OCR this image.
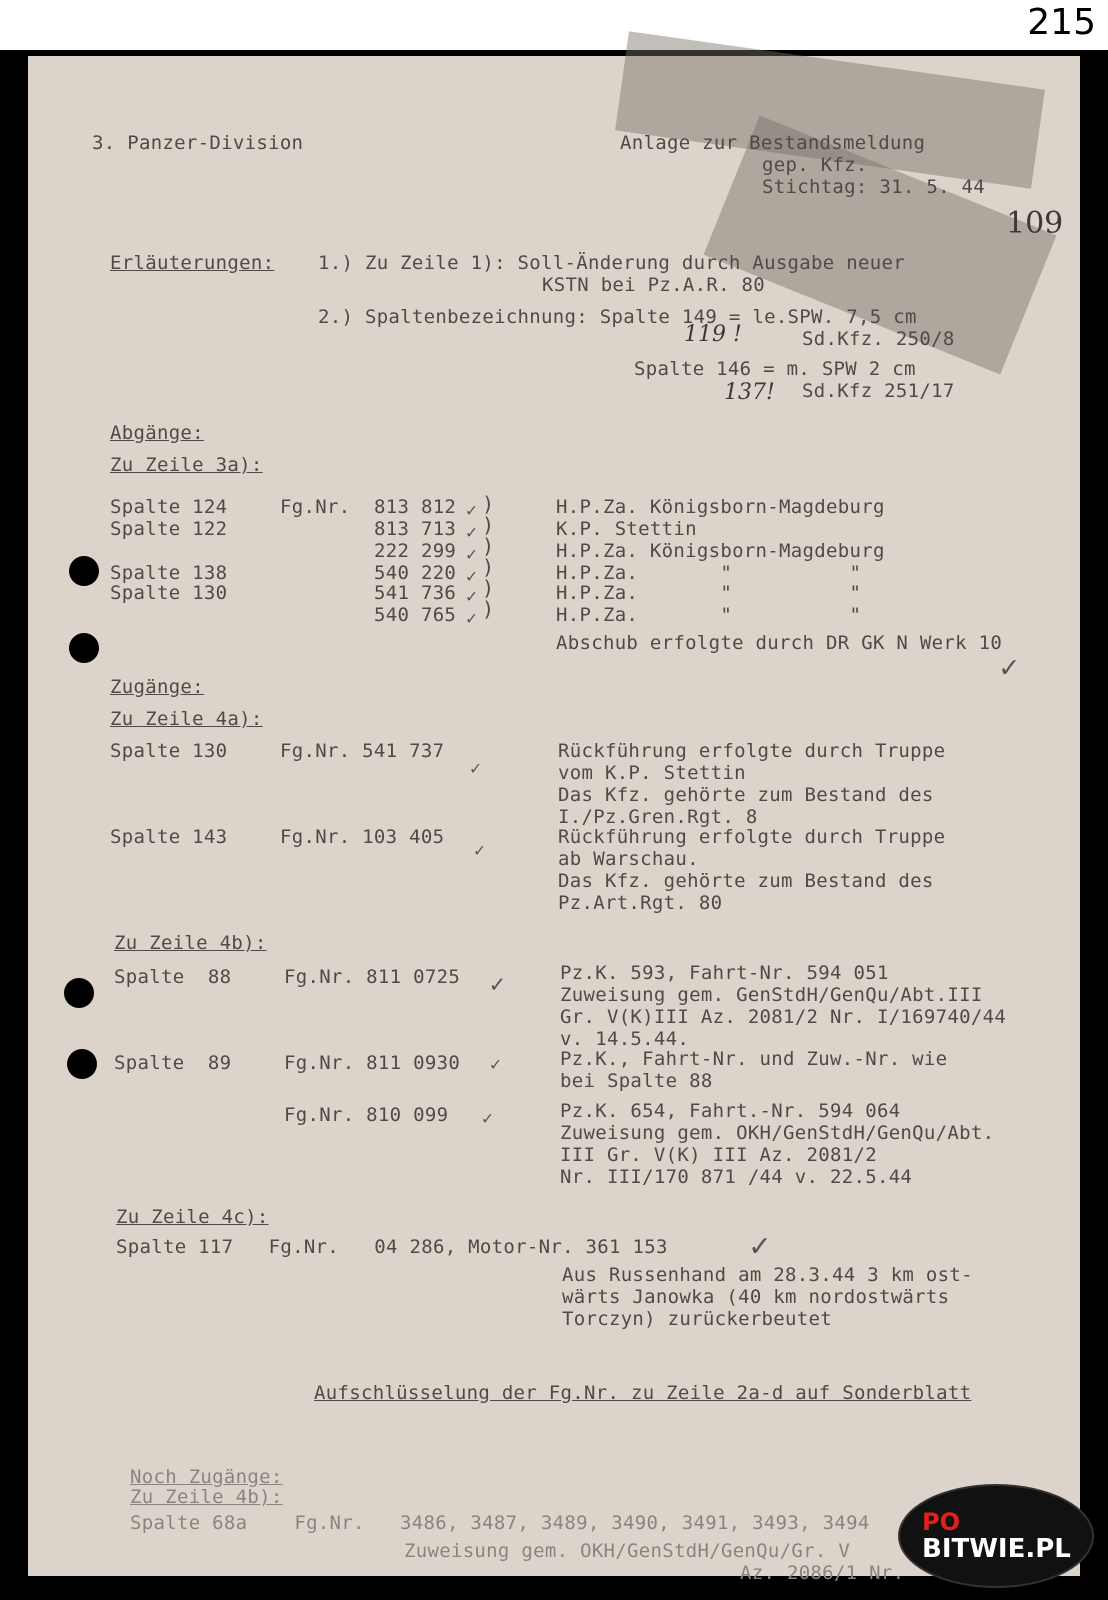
215
3. Panzer-Division	Anlage zur Bestandsmeldung
gep. Kfz.
Stichtag: 31. 5. 44
109
Erläuterungen: 1.) Zu Zeile 1): Soll-Änderung durch Ausgabe neuer
KSTN bei Pz.A.R. 80
2.) Spaltenbezeichnung: Spalte 149 = le.SPW. 7,5 cm
Sd.Kfz. 250/8
Spalte 146 = m. SPW 2 cm
Sd.Kfz 251/17
119 !
137!
Abgänge:
Zu Zeile 3a):
Spalte 124	Fg.Nr. 813 812	H.P.Za. Königsborn-Magdeburg
Spalte 122	813 713	K.P. Stettin
222 299	H.P.Za. Königsborn-Magdeburg
Spalte 138	540 220	H.P.Za.       "          "
Spalte 130	541 736	H.P.Za.       "          "
540 765	H.P.Za.       "          "
)
)
)
)
)
)
Abschub erfolgte durch DR GK N Werk 10
Zugänge:
Zu Zeile 4a):
Spalte 130	Fg.Nr. 541 737	Rückführung erfolgte durch Truppe
vom K.P. Stettin
Das Kfz. gehörte zum Bestand des
I./Pz.Gren.Rgt. 8
Spalte 143	Fg.Nr. 103 405	Rückführung erfolgte durch Truppe
ab Warschau.
Das Kfz. gehörte zum Bestand des
Pz.Art.Rgt. 80
Zu Zeile 4b):
Spalte  88	Fg.Nr. 811 0725	Pz.K. 593, Fahrt-Nr. 594 051
Zuweisung gem. GenStdH/GenQu/Abt.III
Gr. V(K)III Az. 2081/2 Nr. I/169740/44
v. 14.5.44.
Spalte  89	Fg.Nr. 811 0930	Pz.K., Fahrt-Nr. und Zuw.-Nr. wie
bei Spalte 88
Fg.Nr. 810 099	Pz.K. 654, Fahrt.-Nr. 594 064
Zuweisung gem. OKH/GenStdH/GenQu/Abt.
III Gr. V(K) III Az. 2081/2
Nr. III/170 871 /44 v. 22.5.44
Zu Zeile 4c):
Spalte 117   Fg.Nr.   04 286, Motor-Nr. 361 153
Aus Russenhand am 28.3.44 3 km ost-
wärts Janowka (40 km nordostwärts
Torczyn) zurückerbeutet
✓
✓
✓
✓
✓
✓
✓
✓
✓
✓
✓
✓
✓
Aufschlüsselung der Fg.Nr. zu Zeile 2a-d auf Sonderblatt
Noch Zugänge:
Zu Zeile 4b):
Spalte 68a    Fg.Nr.   3486, 3487, 3489, 3490, 3491, 3493, 3494
Zuweisung gem. OKH/GenStdH/GenQu/Gr. V
Az. 2086/1 Nr.
PO
BITWIE.PL
